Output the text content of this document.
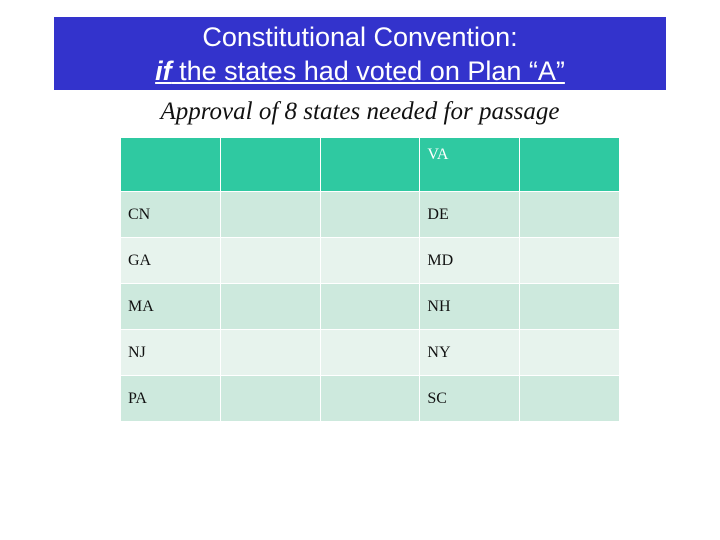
Constitutional Convention:
if the states had voted on Plan “A”
Approval of 8 states needed for passage
			VA	
CN			DE	
GA			MD	
MA			NH	
NJ			NY	
PA			SC	
